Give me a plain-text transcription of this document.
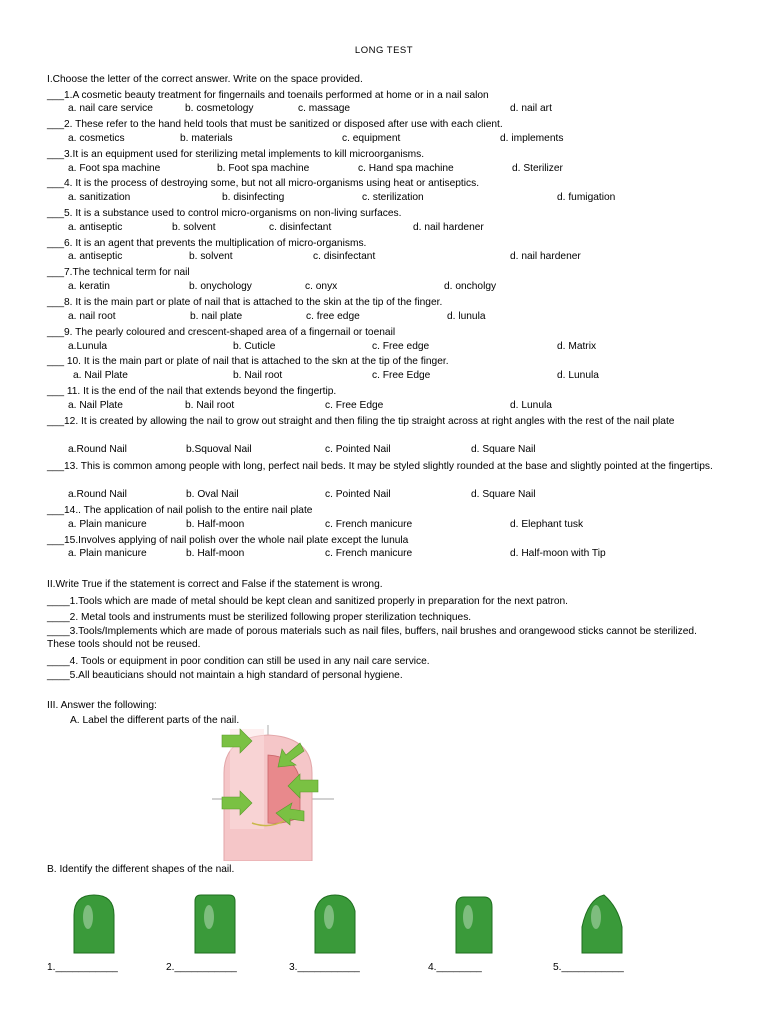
LONG TEST
I.Choose the letter of the correct answer. Write on the space provided.
___1.A cosmetic beauty treatment for fingernails and toenails performed at home or in a nail salon
a. nail care service	b. cosmetology	c. massage	d. nail art
___2. These refer to the hand held tools that must be sanitized or disposed after use with each client.
a. cosmetics	b. materials	c. equipment	d. implements
___3.It is an equipment used for sterilizing metal implements to kill microorganisms.
a. Foot spa machine	b. Foot spa machine	c. Hand spa machine	d. Sterilizer
___4. It is the process of destroying some, but not all micro-organisms using heat or antiseptics.
a. sanitization	b. disinfecting	c. sterilization	d. fumigation
___5. It is a substance used to control micro-organisms on non-living surfaces.
a. antiseptic	b. solvent	c. disinfectant	d. nail hardener
___6. It is an agent that prevents the multiplication of micro-organisms.
a. antiseptic	b. solvent	c. disinfectant	d. nail hardener
___7.The technical term for nail
a. keratin	b. onychology	c. onyx	d. oncholgy
___8. It is the main part or plate of nail that is attached to the skin at the tip of the finger.
a. nail root	b. nail plate	c. free edge	d. lunula
___9. The pearly coloured and crescent-shaped area of a fingernail or toenail
a.Lunula	b. Cuticle	c. Free edge	d. Matrix
___ 10. It is the main part or plate of nail that is attached to the skn at the tip of the finger.
a. Nail Plate	b. Nail root	c. Free Edge	d. Lunula
___ 11. It is the end of the nail that extends beyond the fingertip.
a. Nail Plate	b. Nail root	c. Free Edge	d. Lunula
___12. It is created by allowing the nail to grow out straight and then filing the tip straight across at right angles with the rest of the nail plate
a.Round Nail	b.Squoval Nail	c. Pointed Nail	d. Square Nail
___13. This is common among people with long, perfect nail beds. It may be styled slightly rounded at the base and slightly pointed at the fingertips.
a.Round Nail	b. Oval Nail	c. Pointed Nail	d. Square Nail
___14.. The application of nail polish to the entire nail plate
a. Plain manicure	b. Half-moon	c. French manicure	d. Elephant tusk
___15.Involves applying of nail polish over the whole nail plate except the lunula
a. Plain manicure	b. Half-moon	c. French manicure	d. Half-moon with Tip
II.Write True if the statement is correct and False if the statement is wrong.
____1.Tools which are made of metal should be kept clean and sanitized properly in preparation for the next patron.
____2. Metal tools and instruments must be sterilized following proper sterilization techniques.
____3.Tools/Implements which are made of porous materials such as nail files, buffers, nail brushes and orangewood sticks cannot be sterilized. These tools should not be reused.
____4. Tools or equipment in poor condition can still be used in any nail care service.
____5.All beauticians should not maintain a high standard of personal hygiene.
III. Answer the following:
A. Label the different parts of the nail.
B. Identify the different shapes of the nail.
1.___________	2.___________	3.___________	4.________	5.___________
